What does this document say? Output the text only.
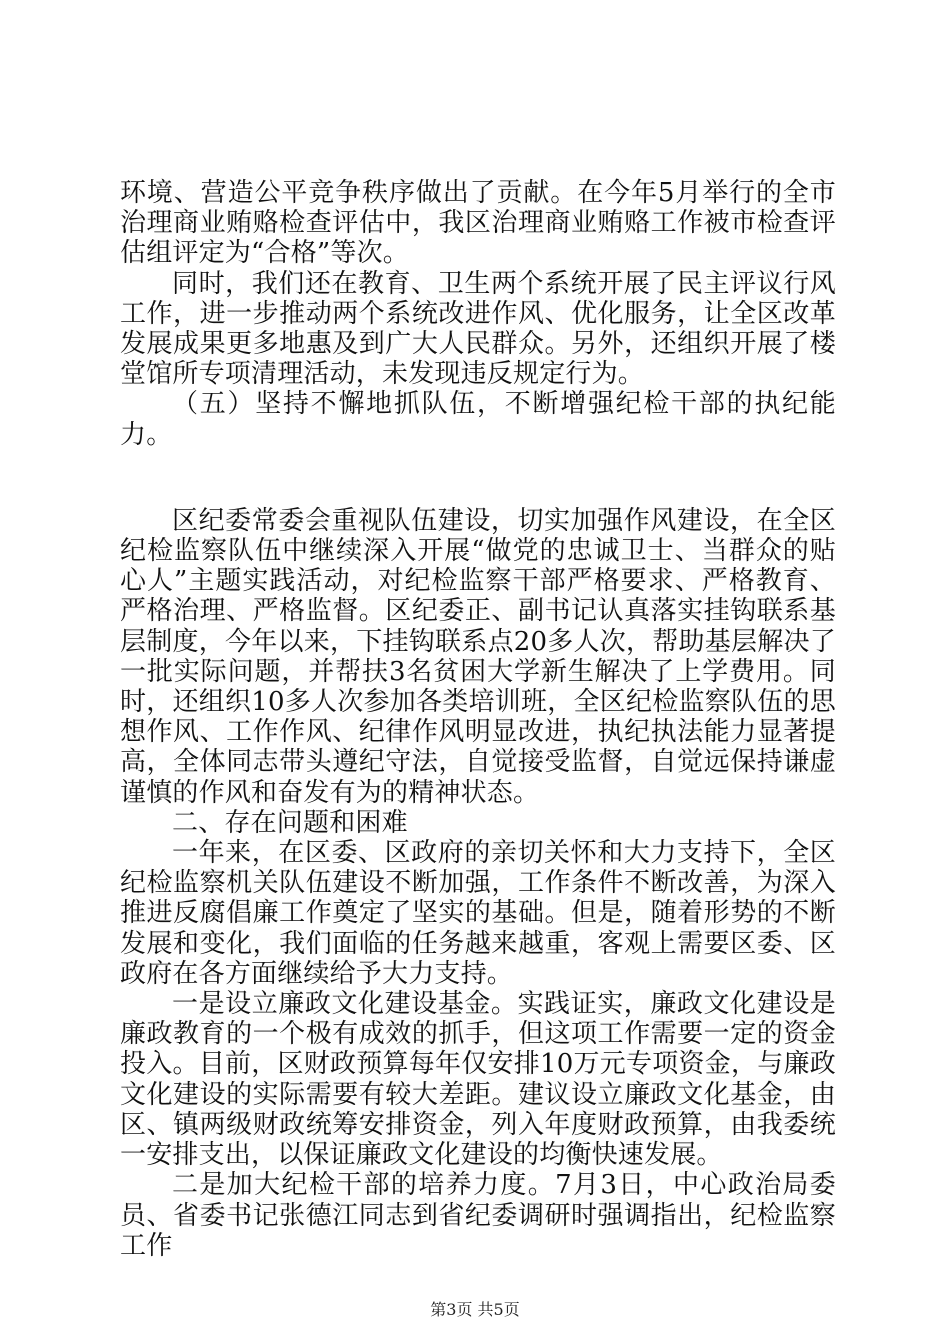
环境、营造公平竞争秩序做出了贡献。在今年5月举行的全市治理商业贿赂检查评估中，我区治理商业贿赂工作被市检查评估组评定为“合格”等次。

同时，我们还在教育、卫生两个系统开展了民主评议行风工作，进一步推动两个系统改进作风、优化服务，让全区改革发展成果更多地惠及到广大人民群众。另外，还组织开展了楼堂馆所专项清理活动，未发现违反规定行为。

（五）坚持不懈地抓队伍，不断增强纪检干部的执纪能力。

区纪委常委会重视队伍建设，切实加强作风建设，在全区纪检监察队伍中继续深入开展“做党的忠诚卫士、当群众的贴心人”主题实践活动，对纪检监察干部严格要求、严格教育、严格治理、严格监督。区纪委正、副书记认真落实挂钩联系基层制度，今年以来，下挂钩联系点20多人次，帮助基层解决了一批实际问题，并帮扶3名贫困大学新生解决了上学费用。同时，还组织10多人次参加各类培训班，全区纪检监察队伍的思想作风、工作作风、纪律作风明显改进，执纪执法能力显著提高，全体同志带头遵纪守法，自觉接受监督，自觉远保持谦虚谨慎的作风和奋发有为的精神状态。

二、存在问题和困难

一年来，在区委、区政府的亲切关怀和大力支持下，全区纪检监察机关队伍建设不断加强，工作条件不断改善，为深入推进反腐倡廉工作奠定了坚实的基础。但是，随着形势的不断发展和变化，我们面临的任务越来越重，客观上需要区委、区政府在各方面继续给予大力支持。

一是设立廉政文化建设基金。实践证实，廉政文化建设是廉政教育的一个极有成效的抓手，但这项工作需要一定的资金投入。目前，区财政预算每年仅安排10万元专项资金，与廉政文化建设的实际需要有较大差距。建议设立廉政文化基金，由区、镇两级财政统筹安排资金，列入年度财政预算，由我委统一安排支出，以保证廉政文化建设的均衡快速发展。

二是加大纪检干部的培养力度。7月3日，中心政治局委员、省委书记张德江同志到省纪委调研时强调指出，纪检监察工作

第3页 共5页
